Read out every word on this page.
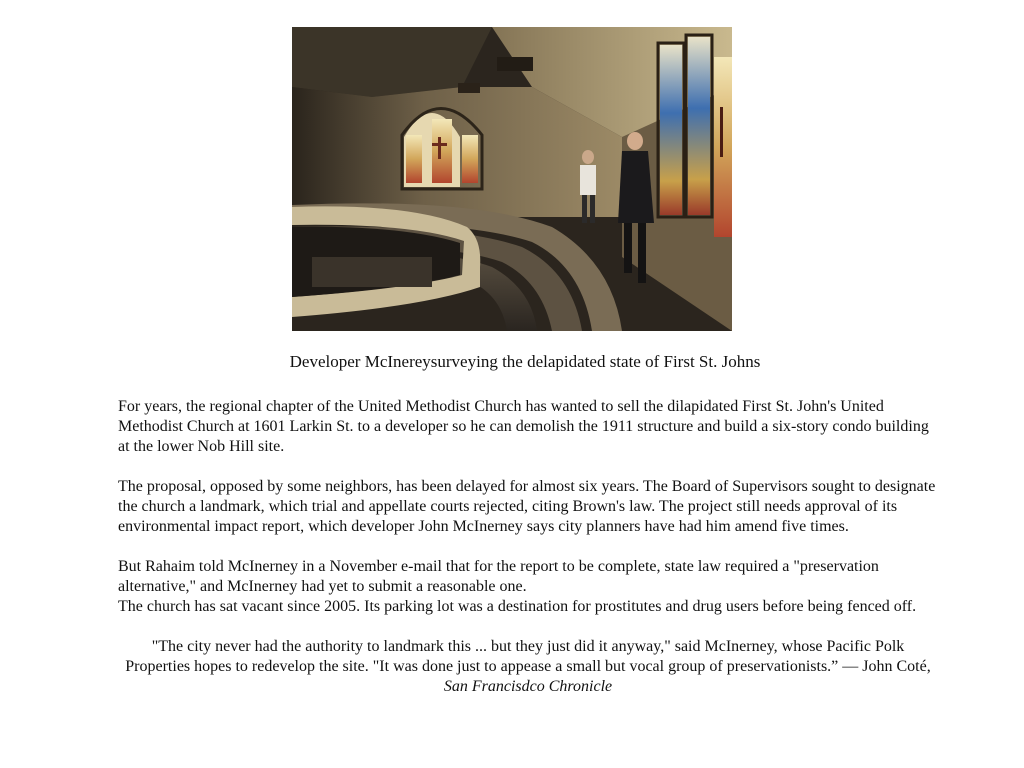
Developer McInereysurveying the delapidated state of First St. Johns

For years, the regional chapter of the United Methodist Church has wanted to sell the dilapidated First St. John's United Methodist Church at 1601 Larkin St. to a developer so he can demolish the 1911 structure and build a six-story condo building at the lower Nob Hill site.

The proposal, opposed by some neighbors, has been delayed for almost six years. The Board of Supervisors sought to designate the church a landmark, which trial and appellate courts rejected, citing Brown's law. The project still needs approval of its environmental impact report, which developer John McInerney says city planners have had him amend five times.

But Rahaim told McInerney in a November e-mail that for the report to be complete, state law required a "preservation alternative," and McInerney had yet to submit a reasonable one.

The church has sat vacant since 2005. Its parking lot was a destination for prostitutes and drug users before being fenced off.

"The city never had the authority to landmark this ... but they just did it anyway," said McInerney, whose Pacific Polk Properties hopes to redevelop the site. "It was done just to appease a small but vocal group of preservationists.” — John Coté, San Francisdco Chronicle
